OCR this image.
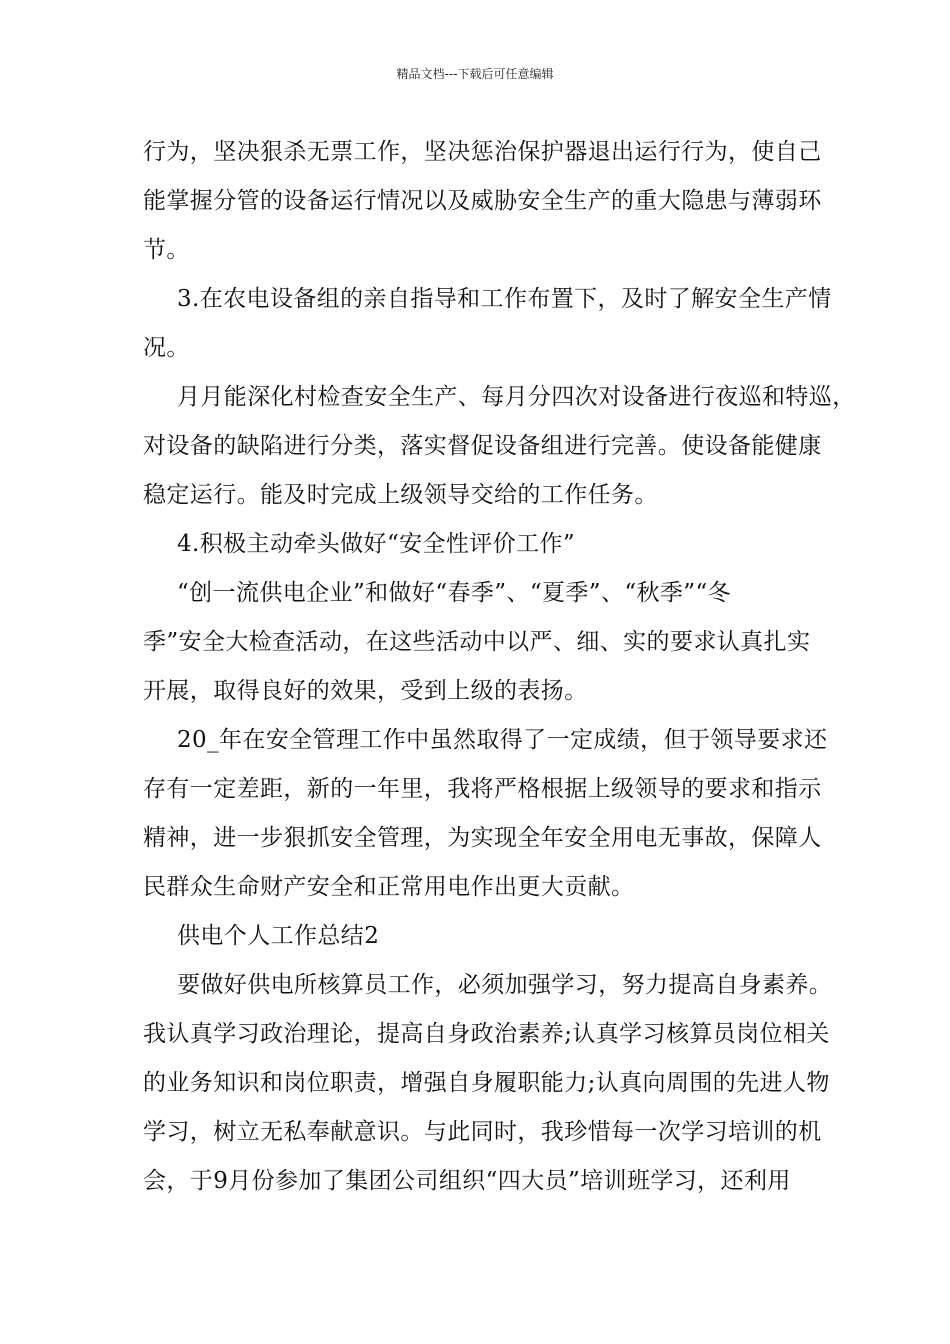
精品文档---下载后可任意编辑
行为，坚决狠杀无票工作，坚决惩治保护器退出运行行为，使自己
能掌握分管的设备运行情况以及威胁安全生产的重大隐患与薄弱环
节。
3.在农电设备组的亲自指导和工作布置下，及时了解安全生产情
况。
月月能深化村检查安全生产、每月分四次对设备进行夜巡和特巡，
对设备的缺陷进行分类，落实督促设备组进行完善。使设备能健康
稳定运行。能及时完成上级领导交给的工作任务。
4.积极主动牵头做好“安全性评价工作”
“创一流供电企业”和做好“春季”、“夏季”、“秋季”“冬
季”安全大检查活动，在这些活动中以严、细、实的要求认真扎实
开展，取得良好的效果，受到上级的表扬。
20_年在安全管理工作中虽然取得了一定成绩，但于领导要求还
存有一定差距，新的一年里，我将严格根据上级领导的要求和指示
精神，进一步狠抓安全管理，为实现全年安全用电无事故，保障人
民群众生命财产安全和正常用电作出更大贡献。
供电个人工作总结2
要做好供电所核算员工作，必须加强学习，努力提高自身素养。
我认真学习政治理论，提高自身政治素养;认真学习核算员岗位相关
的业务知识和岗位职责，增强自身履职能力;认真向周围的先进人物
学习，树立无私奉献意识。与此同时，我珍惜每一次学习培训的机
会，于9月份参加了集团公司组织“四大员”培训班学习，还利用
